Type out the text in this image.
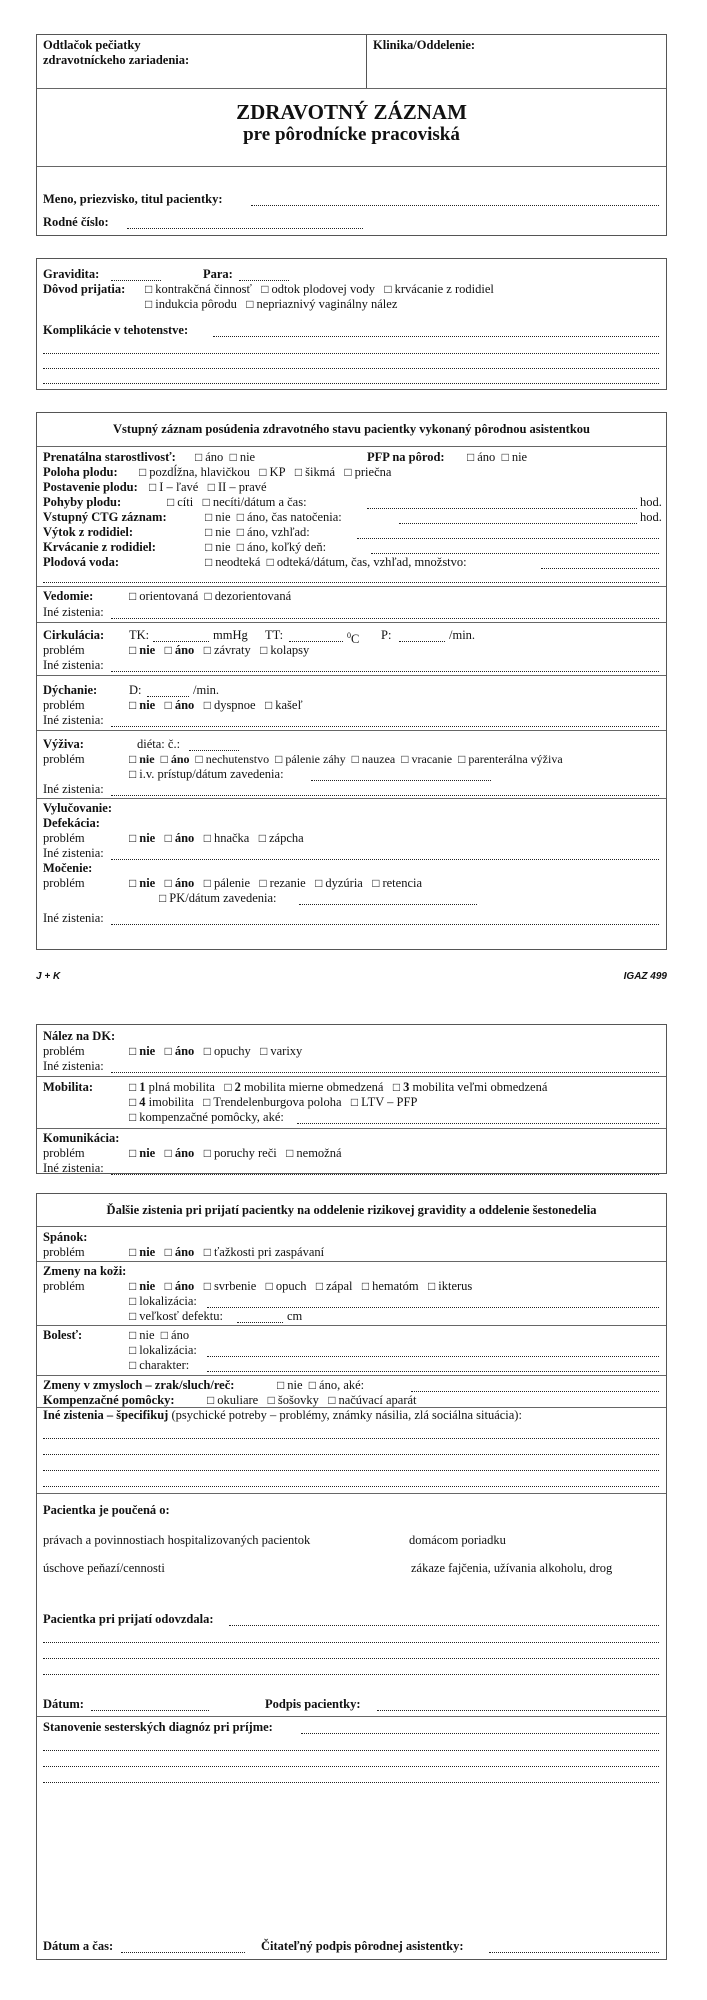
Odtlačok pečiatky
zdravotníckeho zariadenia:
Klinika/Oddelenie:
ZDRAVOTNÝ ZÁZNAM
pre pôrodnícke pracoviská
Meno, priezvisko, titul pacientky:
Rodné číslo:
Gravidita:	Para:
Dôvod prijatia:	□ kontrakčná činnosť □ odtok plodovej vody □ krvácanie z rodidiel
□ indukcia pôrodu □ nepriaznivý vaginálny nález
Komplikácie v tehotenstve:
Vstupný záznam posúdenia zdravotného stavu pacientky vykonaný pôrodnou asistentkou
Prenatálna starostlivosť:	□ áno □ nie	PFP na pôrod:	□ áno □ nie
Poloha plodu:	□ pozdĺžna, hlavičkou □ KP □ šikmá □ priečna
Postavenie plodu:	□ I – ľavé □ II – pravé
Pohyby plodu:	□ cíti □ necíti/dátum a čas:	hod.
Vstupný CTG záznam:	□ nie □ áno, čas natočenia:	hod.
Výtok z rodidiel:	□ nie □ áno, vzhľad:
Krvácanie z rodidiel:	□ nie □ áno, koľký deň:
Plodová voda:	□ neodteká □ odteká/dátum, čas, vzhľad, množstvo:
Vedomie:	□ orientovaná □ dezorientovaná
Iné zistenia:
Cirkulácia: TK:	mmHg TT:	$^0$C P:	/min.
problém	□ nie □ áno □ závraty □ kolapsy
Iné zistenia:
Dýchanie:	D:	/min.
problém	□ nie □ áno □ dyspnoe □ kašeľ
Iné zistenia:
Výživa:	diéta: č.:
problém	□ nie □ áno □ nechutenstvo □ pálenie záhy □ nauzea □ vracanie □ parenterálna výživa
□ i.v. prístup/dátum zavedenia:
Iné zistenia:
Vylučovanie:
Defekácia:
problém	□ nie □ áno □ hnačka □ zápcha
Iné zistenia:
Močenie:
problém	□ nie □ áno □ pálenie □ rezanie □ dyzúria □ retencia
□ PK/dátum zavedenia:
Iné zistenia:
J + K	IGAZ 499
Nález na DK:
problém	□ nie □ áno □ opuchy □ varixy
Iné zistenia:
Mobilita:	□ 1 plná mobilita □ 2 mobilita mierne obmedzená □ 3 mobilita veľmi obmedzená
□ 4 imobilita □ Trendelenburgova poloha □ LTV – PFP
□ kompenzačné pomôcky, aké:
Komunikácia:
problém	□ nie □ áno □ poruchy reči □ nemožná
Iné zistenia:
Ďalšie zistenia pri prijatí pacientky na oddelenie rizikovej gravidity a oddelenie šestonedelia
Spánok:
problém	□ nie □ áno □ ťažkosti pri zaspávaní
Zmeny na koži:
problém	□ nie □ áno □ svrbenie □ opuch □ zápal □ hematóm □ ikterus
□ lokalizácia:
□ veľkosť defektu:	cm
Bolesť:	□ nie □ áno
□ lokalizácia:
□ charakter:
Zmeny v zmysloch – zrak/sluch/reč:	□ nie □ áno, aké:
Kompenzačné pomôcky:	□ okuliare □ šošovky □ načúvací aparát
Iné zistenia – špecifikuj (psychické potreby – problémy, známky násilia, zlá sociálna situácia):
Pacientka je poučená o:
právach a povinnostiach hospitalizovaných pacientok	domácom poriadku
úschove peňazí/cennosti	zákaze fajčenia, užívania alkoholu, drog
Pacientka pri prijatí odovzdala:
Dátum:	Podpis pacientky:
Stanovenie sesterských diagnóz pri príjme:
Dátum a čas:	Čitateľný podpis pôrodnej asistentky:
